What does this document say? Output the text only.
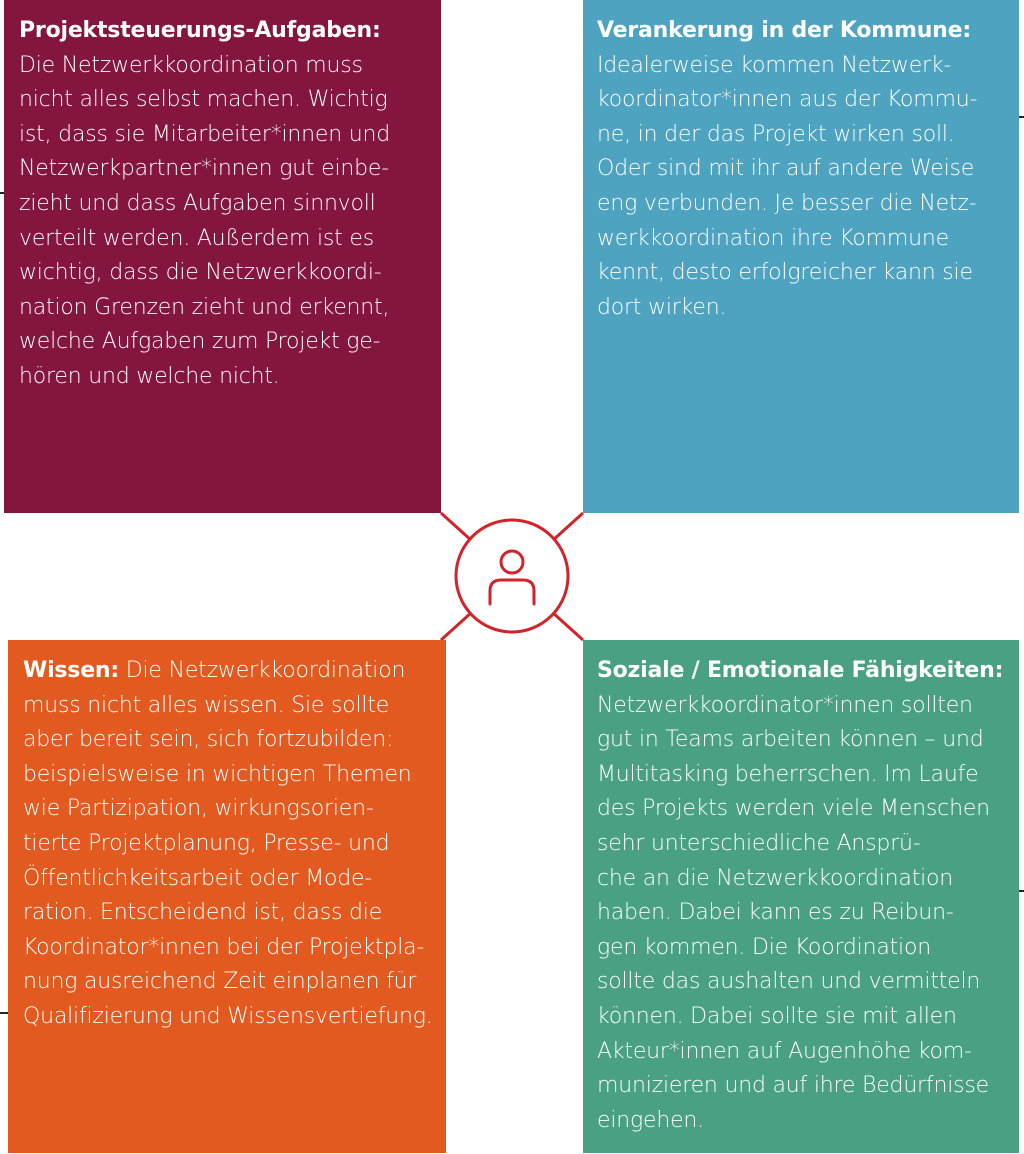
Projektsteuerungs-Aufgaben:
Die Netzwerkkoordination muss
nicht alles selbst machen. Wichtig
ist, dass sie Mitarbeiter*innen und
Netzwerkpartner*innen gut einbe-
zieht und dass Aufgaben sinnvoll
verteilt werden. Außerdem ist es
wichtig, dass die Netzwerkkoordi-
nation Grenzen zieht und erkennt,
welche Aufgaben zum Projekt ge-
hören und welche nicht.
Verankerung in der Kommune:
Idealerweise kommen Netzwerk-
koordinator*innen aus der Kommu-
ne, in der das Projekt wirken soll.
Oder sind mit ihr auf andere Weise
eng verbunden. Je besser die Netz-
werkkoordination ihre Kommune
kennt, desto erfolgreicher kann sie
dort wirken.
Wissen: Die Netzwerkkoordination
muss nicht alles wissen. Sie sollte
aber bereit sein, sich fortzubilden:
beispielsweise in wichtigen Themen
wie Partizipation, wirkungsorien-
tierte Projektplanung, Presse- und
Öffentlichkeitsarbeit oder Mode-
ration. Entscheidend ist, dass die
Koordinator*innen bei der Projektpla-
nung ausreichend Zeit einplanen für
Qualifizierung und Wissensvertiefung.
Soziale / Emotionale Fähigkeiten:
Netzwerkkoordinator*innen sollten
gut in Teams arbeiten können – und
Multitasking beherrschen. Im Laufe
des Projekts werden viele Menschen
sehr unterschiedliche Ansprü-
che an die Netzwerkkoordination
haben. Dabei kann es zu Reibun-
gen kommen. Die Koordination
sollte das aushalten und vermitteln
können. Dabei sollte sie mit allen
Akteur*innen auf Augenhöhe kom-
munizieren und auf ihre Bedürfnisse
eingehen.
